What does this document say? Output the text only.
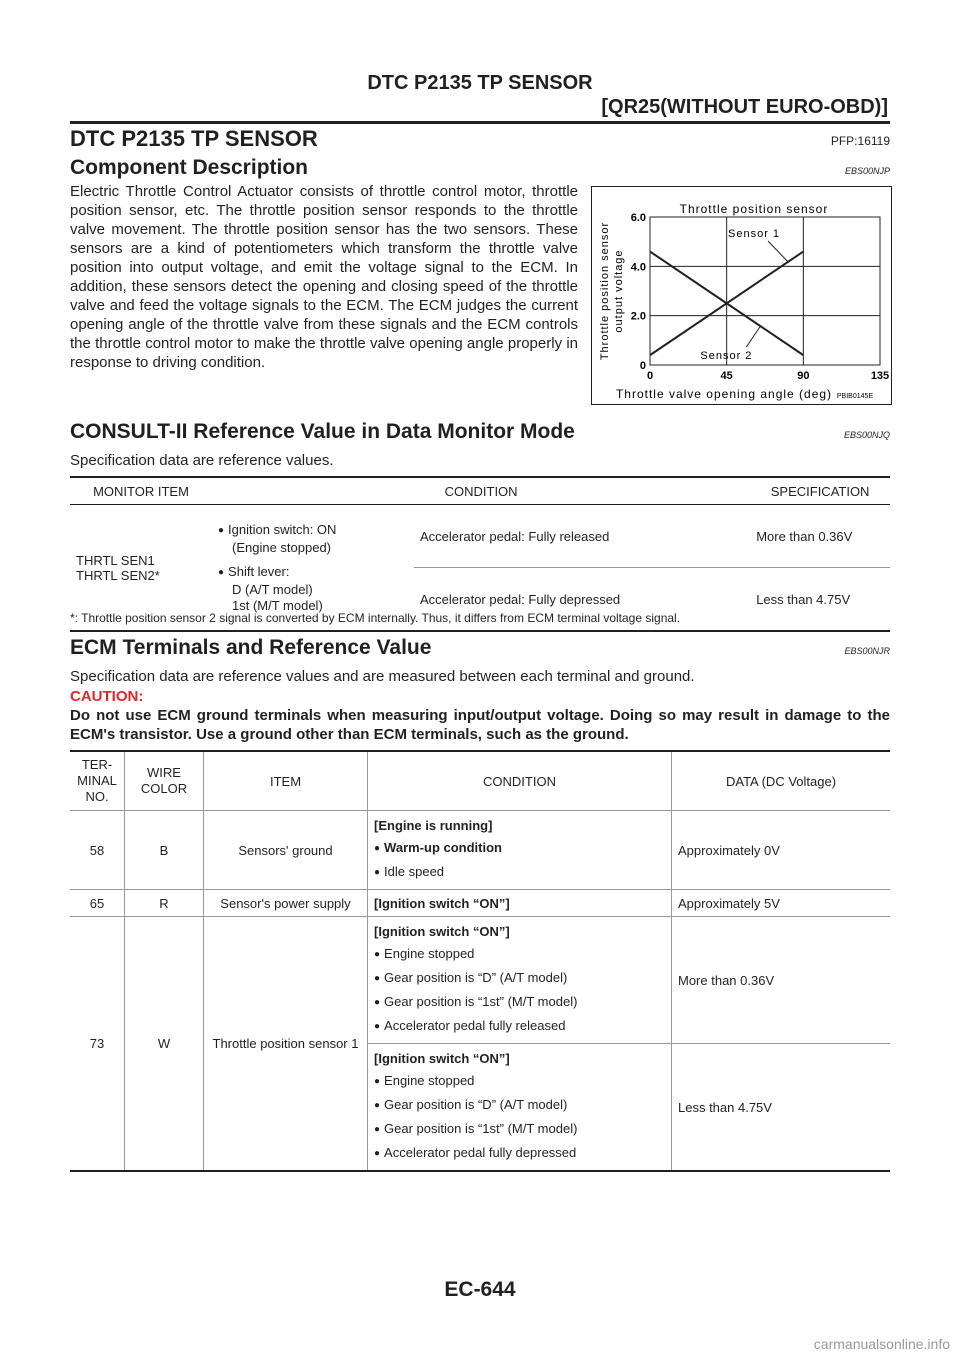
DTC P2135 TP SENSOR
[QR25(WITHOUT EURO-OBD)]
DTC P2135 TP SENSOR	PFP:16119
Component Description	EBS00NJP
Electric Throttle Control Actuator consists of throttle control motor, throttle position sensor, etc. The throttle position sensor responds to the throttle valve movement. The throttle position sensor has the two sensors. These sensors are a kind of potentiometers which transform the throttle valve position into output voltage, and emit the voltage signal to the ECM. In addition, these sensors detect the opening and closing speed of the throttle valve and feed the voltage signals to the ECM. The ECM judges the current opening angle of the throttle valve from these signals and the ECM controls the throttle control motor to make the throttle valve opening angle properly in response to driving condition.
Throttle position sensor
Throttle position sensor output voltage
Throttle valve opening angle (deg) PBIB0145E
0	45	90	135
0
2.0
4.0
6.0
Sensor 1
Sensor 2
CONSULT-II Reference Value in Data Monitor Mode	EBS00NJQ
Specification data are reference values.
MONITOR ITEM	CONDITION		SPECIFICATION

THRTL SEN1
THRTL SEN2*	● Ignition switch: ON
(Engine stopped)
● Shift lever:
D (A/T model)
1st (M/T model)	Accelerator pedal: Fully released	More than 0.36V
		Accelerator pedal: Fully depressed	Less than 4.75V
*: Throttle position sensor 2 signal is converted by ECM internally. Thus, it differs from ECM terminal voltage signal.
ECM Terminals and Reference Value	EBS00NJR
Specification data are reference values and are measured between each terminal and ground.
CAUTION:
Do not use ECM ground terminals when measuring input/output voltage. Doing so may result in damage to the ECM's transistor. Use a ground other than ECM terminals, such as the ground.
TER-
MINAL
NO.	WIRE
COLOR	ITEM	CONDITION	DATA (DC Voltage)
58	B	Sensors' ground	[Engine is running]
● Warm-up condition
● Idle speed	Approximately 0V
65	R	Sensor's power supply	[Ignition switch “ON”]	Approximately 5V
73	W	Throttle position sensor 1	[Ignition switch “ON”]
● Engine stopped
● Gear position is “D” (A/T model)
● Gear position is “1st” (M/T model)
● Accelerator pedal fully released	More than 0.36V

			[Ignition switch “ON”]
● Engine stopped
● Gear position is “D” (A/T model)
● Gear position is “1st” (M/T model)
● Accelerator pedal fully depressed	Less than 4.75V
EC-644
carmanualsonline.info
